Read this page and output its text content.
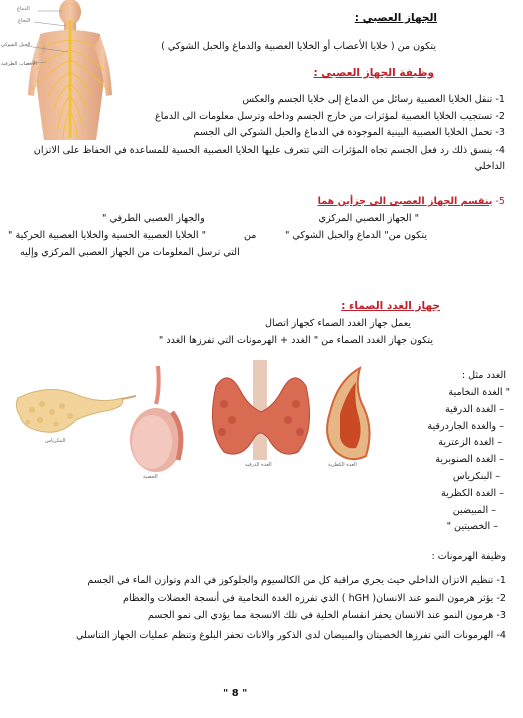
الدماغ
النخاع
الحبل الشوكي
الأعصاب الطرفية
الجهاز العصبي :
يتكون من ( خلايا الأعصاب أو الخلايا العصبية والدماغ والحبل الشوكي )
وظيفة الجهاز العصبي :
1- تنقل الخلايا العصبية رسائل من الدماغ إلى خلايا الجسم والعكس
2- تستجيب الخلايا العصبية لمؤثرات من خارج الجسم وداخله وترسل معلومات الى الدماغ
3- تحمل الخلايا العصبية البينية الموجودة في الدماغ والحبل الشوكي الى الجسم
4- ينسق ذلك رد فعل الجسم تجاه المؤثرات التي تتعرف عليها الخلايا العصبية الحسية للمساعدة في الحفاظ على الاتزان الداخلي
5- ينقسم الجهاز العصبي الى جزأين هما
" الجهاز العصبي المركزي
يتكون من" الدماغ والحبل الشوكي "
والجهاز العصبي الطرفي "
من
" الخلايا العصبية الحسية والخلايا العصبية الحركية "
التي ترسل المعلومات من الجهاز العصبي المركزي وإليه
جهاز الغدد الصماء :
يعمل جهاز الغدد الصماء كجهاز اتصال
يتكون جهاز الغدد الصماء من " الغدد + الهرمونات التي تفرزها الغدد "
الغدد مثل :
" الغدة النخامية
– الغدة الدرقية
– والغدة الجاردرقية
– الغدة الزعترية
– الغدة الصنوبرية
– البنكرياس
– الغدة الكظرية
– المبيضين
– الخصيتين "
البنكرياس
الخصية
الغدة الدرقية	الغدة الكظرية
وظيفة الهرمونات :
1- تنظيم الاتزان الداخلي حيث يجري مراقبة كل من الكالسيوم والجلوكوز في الدم وتوازن الماء في الجسم
2- يؤثر هرمون النمو عند الانسان( hGH ) الذي تفرزه الغدة النخامية في أنسجة العضلات والعظام
3- هرمون النمو عند الانسان يحفز انقسام الخلية في تلك الانسجة مما يؤدي الى نمو الجسم
4- الهرمونات التي تفرزها الخصيتان والمبيضان لدى الذكور والاناث تحفز البلوغ وتنظم عمليات الجهاز التناسلي
" 8 "
